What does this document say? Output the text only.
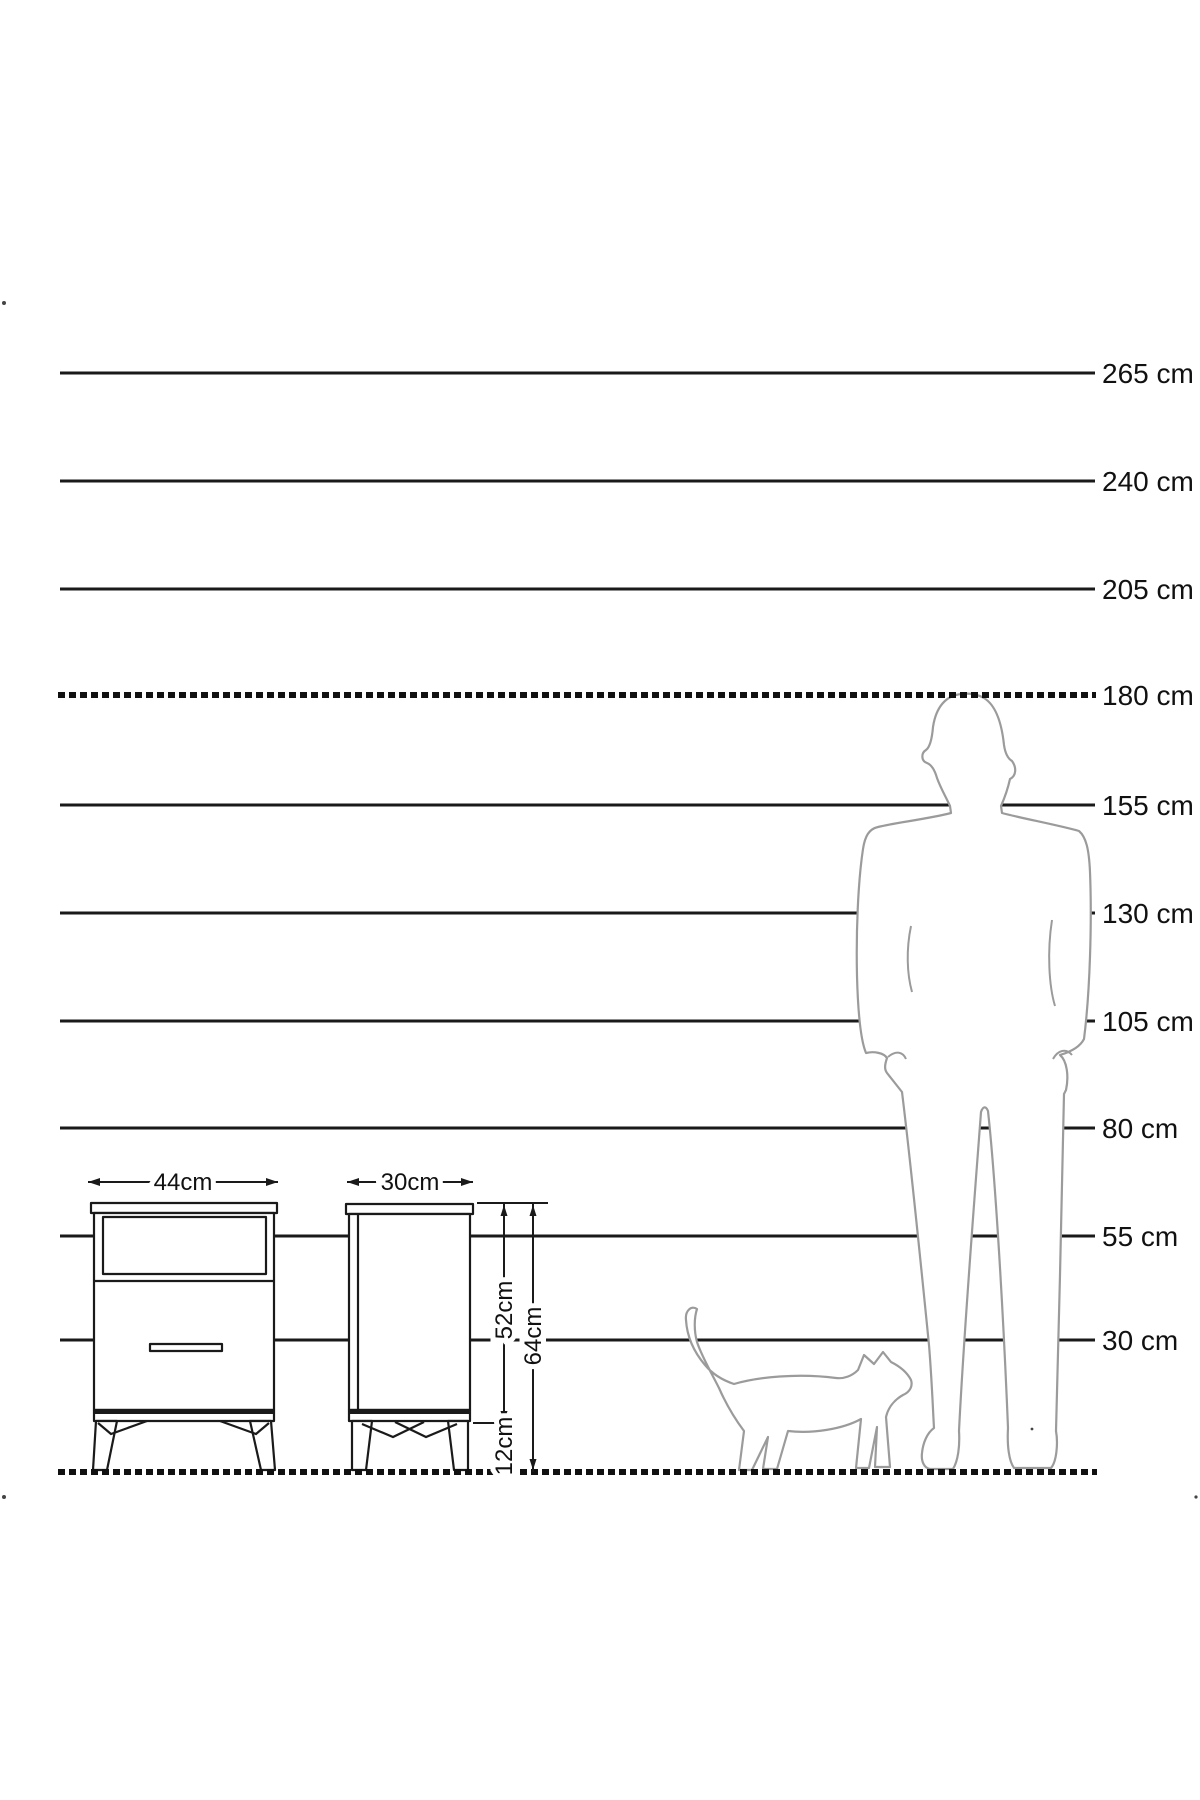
265 cm
240 cm
205 cm
180 cm
155 cm
130 cm
105 cm
80 cm
55 cm
30 cm
44cm	30cm
52cm 64cm
12cm
